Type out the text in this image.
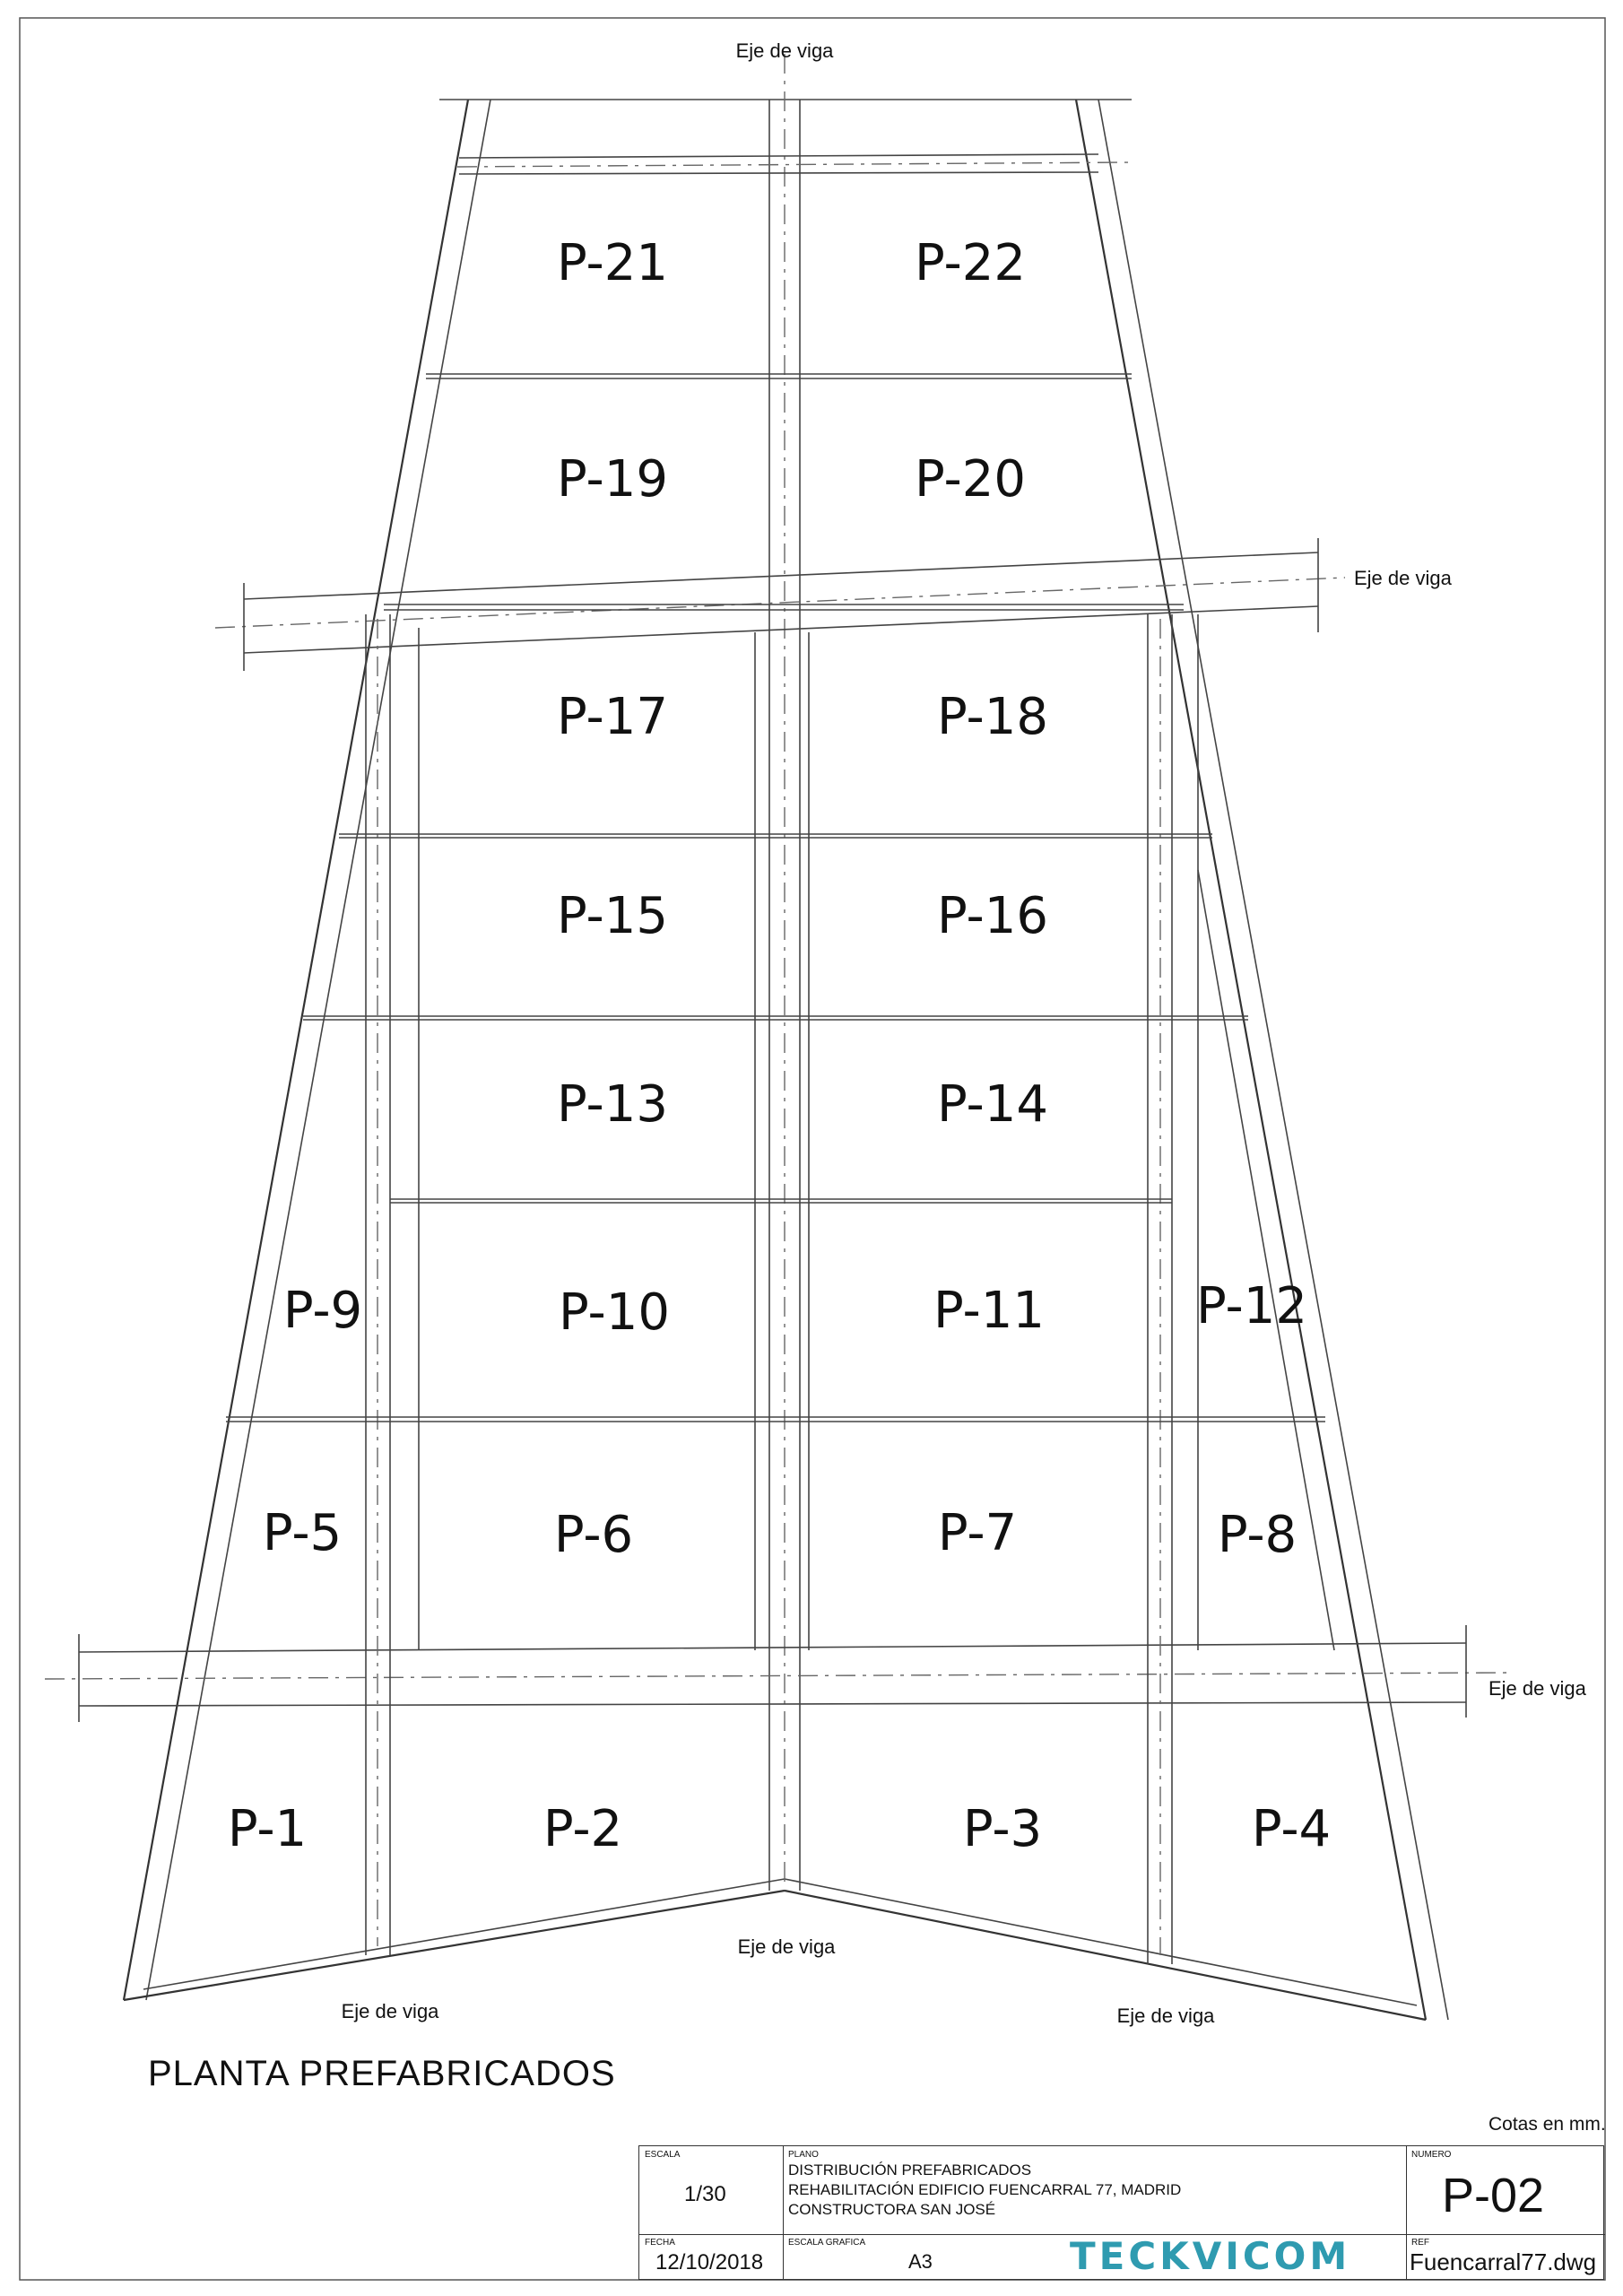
Eje de viga
Eje de viga
Eje de viga
Eje de viga
Eje de viga	Eje de viga
P-21	P-22
P-19	P-20
P-17	P-18
P-15	P-16
P-13	P-14
P-9	P-10	P-11	P-12
P-5	P-6	P-7	P-8
P-1	P-2	P-3	P-4
PLANTA PREFABRICADOS
Cotas en mm.
ESCALA
1/30
PLANO
DISTRIBUCIÓN PREFABRICADOS
REHABILITACIÓN EDIFICIO FUENCARRAL 77, MADRID
CONSTRUCTORA SAN JOSÉ
NUMERO
P-02
FECHA
12/10/2018
ESCALA GRAFICA
A3	TECKVICOM	REF
Fuencarral77.dwg
